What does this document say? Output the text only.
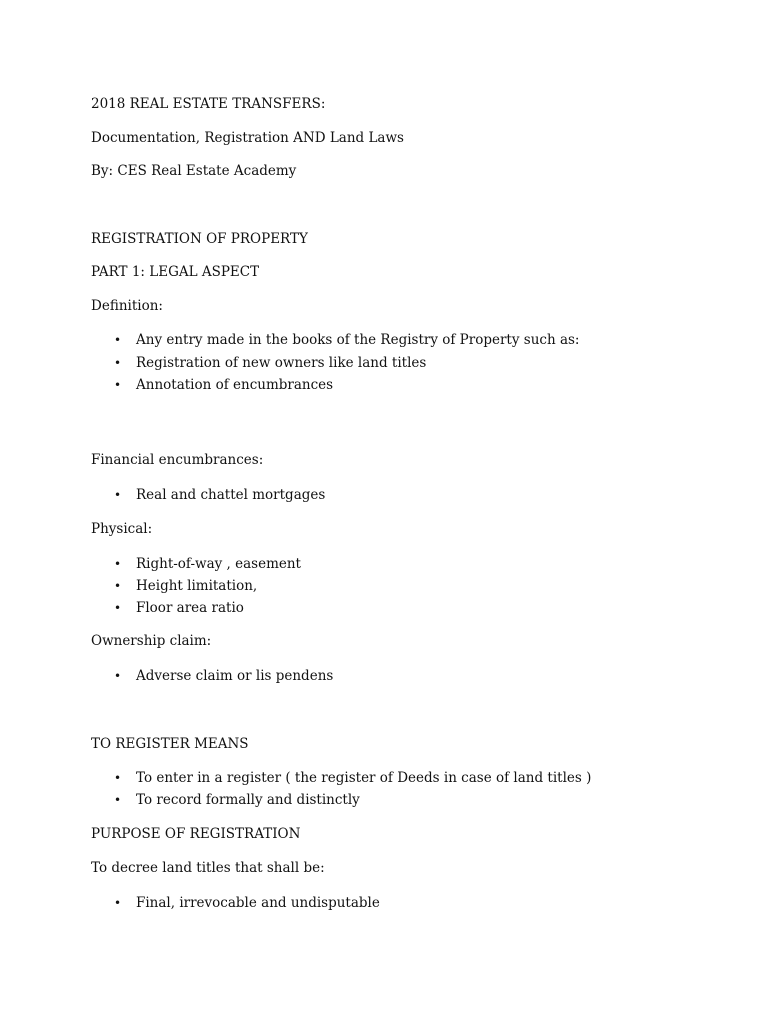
2018 REAL ESTATE TRANSFERS:
Documentation, Registration AND Land Laws
By: CES Real Estate Academy
REGISTRATION OF PROPERTY
PART 1: LEGAL ASPECT
Definition:
• Any entry made in the books of the Registry of Property such as:
• Registration of new owners like land titles
• Annotation of encumbrances
Financial encumbrances:
• Real and chattel mortgages
Physical:
• Right-of-way , easement
• Height limitation,
• Floor area ratio
Ownership claim:
• Adverse claim or lis pendens
TO REGISTER MEANS
• To enter in a register ( the register of Deeds in case of land titles )
• To record formally and distinctly
PURPOSE OF REGISTRATION
To decree land titles that shall be:
• Final, irrevocable and undisputable
